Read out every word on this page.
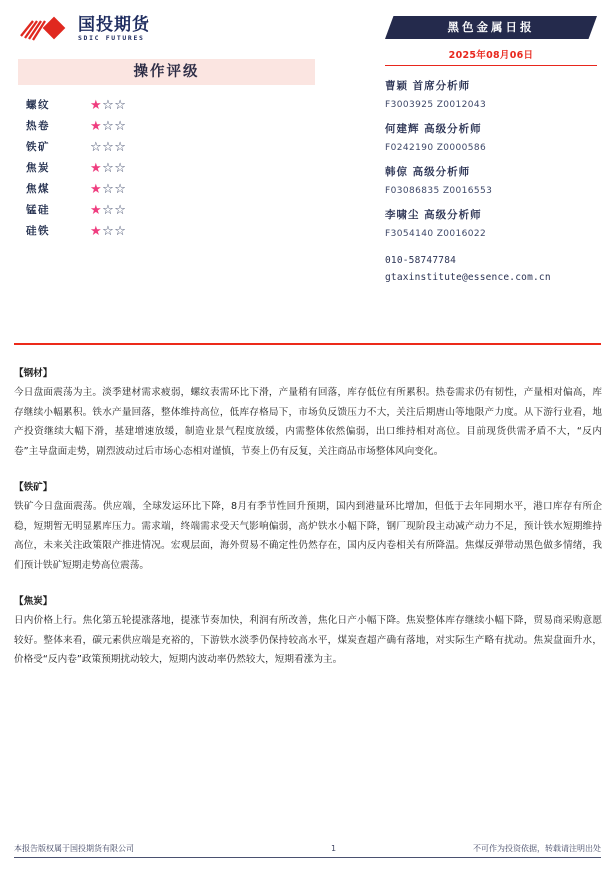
国投期货
SDIC FUTURES
操作评级
螺纹	★☆☆
热卷	★☆☆
铁矿	☆☆☆
焦炭	★☆☆
焦煤	★☆☆
锰硅	★☆☆
硅铁	★☆☆
黑色金属日报
2025年08月06日
曹颖 首席分析师
F3003925 Z0012043
何建辉 高级分析师
F0242190 Z0000586
韩倞 高级分析师
F03086835 Z0016553
李啸尘 高级分析师
F3054140 Z0016022
010-58747784
gtaxinstitute@essence.com.cn
【钢材】
今日盘面震荡为主。淡季建材需求疲弱，螺纹表需环比下滑，产量稍有回落，库存低位有所累积。热卷需求仍有韧性，产量相对偏高，库存继续小幅累积。铁水产量回落，整体维持高位，低库存格局下，市场负反馈压力不大，关注后期唐山等地限产力度。从下游行业看，地产投资继续大幅下滑，基建增速放缓，制造业景气程度放缓，内需整体依然偏弱，出口维持相对高位。目前现货供需矛盾不大，“反内卷”主导盘面走势，剧烈波动过后市场心态相对谨慎，节奏上仍有反复，关注商品市场整体风向变化。
【铁矿】
铁矿今日盘面震荡。供应端，全球发运环比下降，8月有季节性回升预期，国内到港量环比增加，但低于去年同期水平，港口库存有所企稳，短期暂无明显累库压力。需求端，终端需求受天气影响偏弱，高炉铁水小幅下降，钢厂现阶段主动减产动力不足，预计铁水短期维持高位，未来关注政策限产推进情况。宏观层面，海外贸易不确定性仍然存在，国内反内卷相关有所降温。焦煤反弹带动黑色做多情绪，我们预计铁矿短期走势高位震荡。
【焦炭】
日内价格上行。焦化第五轮提涨落地，提涨节奏加快，利润有所改善，焦化日产小幅下降。焦炭整体库存继续小幅下降，贸易商采购意愿较好。整体来看，碳元素供应端是充裕的，下游铁水淡季仍保持较高水平，煤炭查超产确有落地，对实际生产略有扰动。焦炭盘面升水，价格受“反内卷”政策预期扰动较大，短期内波动率仍然较大，短期看涨为主。
本报告版权属于国投期货有限公司	1	不可作为投资依据，转载请注明出处
